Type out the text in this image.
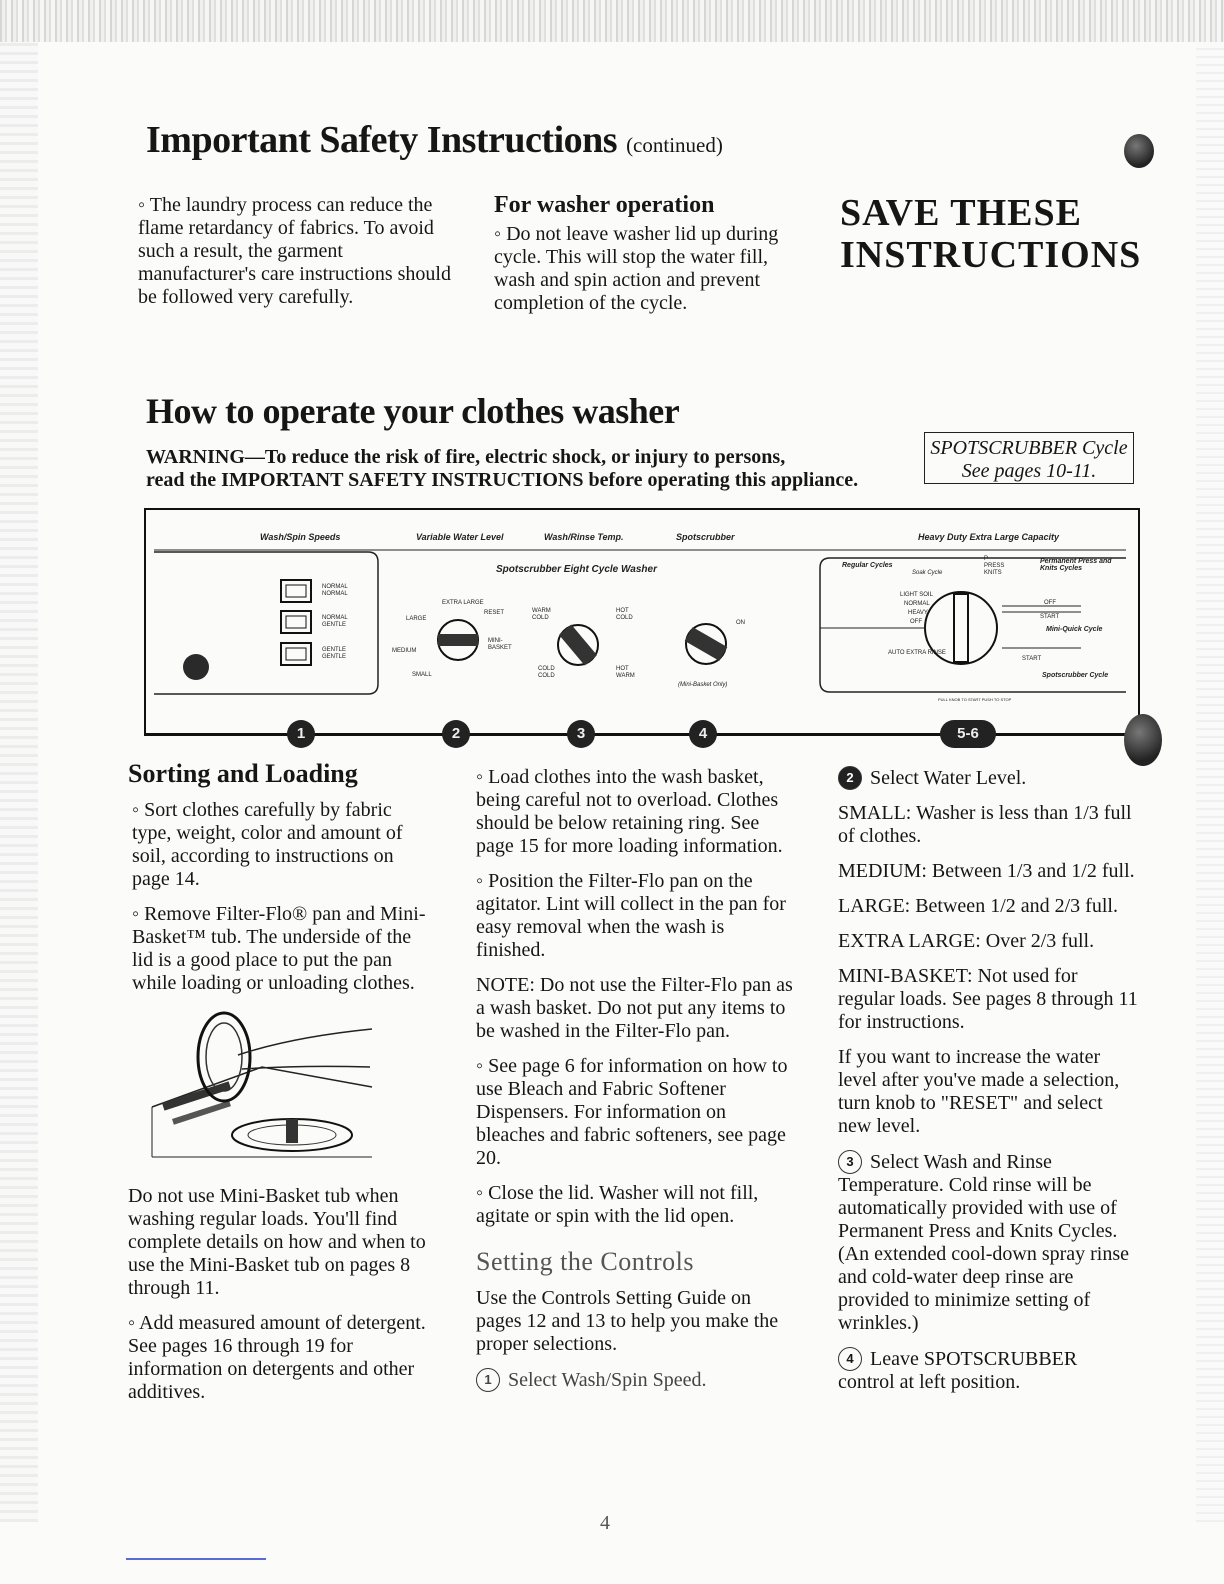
Important Safety Instructions (continued)
◦ The laundry process can reduce the flame retardancy of fabrics. To avoid such a result, the garment manufacturer's care instructions should be followed very carefully.
For washer operation
◦ Do not leave washer lid up during cycle. This will stop the water fill, wash and spin action and prevent completion of the cycle.
SAVE THESE
INSTRUCTIONS
How to operate your clothes washer
WARNING—To reduce the risk of fire, electric shock, or injury to persons,
read the IMPORTANT SAFETY INSTRUCTIONS before operating this appliance.
SPOTSCRUBBER Cycle
See pages 10-11.
Wash/Spin Speeds	Variable Water Level	Wash/Rinse Temp.	Spotscrubber	Heavy Duty Extra Large Capacity
Spotscrubber Eight Cycle Washer
NORMAL
NORMAL
NORMAL
GENTLE
GENTLE
GENTLE
EXTRA LARGE
LARGE
RESET
MEDIUM
MINI-BASKET
SMALL
WARM COLD
HOT COLD
COLD COLD
HOT WARM
ON
(Mini-Basket Only)
Regular Cycles
Soak Cycle
P PRESS KNITS
Permanent Press and Knits Cycles
LIGHT SOIL
NORMAL
HEAVY
OFF
OFF
START
Mini-Quick Cycle
AUTO EXTRA RINSE
START
Spotscrubber Cycle
PULL KNOB TO START PUSH TO STOP
1	2	3	4	5-6
Sorting and Loading

◦ Sort clothes carefully by fabric type, weight, color and amount of soil, according to instructions on page 14.

◦ Remove Filter-Flo® pan and Mini-Basket™ tub. The underside of the lid is a good place to put the pan while loading or unloading clothes.

Do not use Mini-Basket tub when washing regular loads. You'll find complete details on how and when to use the Mini-Basket tub on pages 8 through 11.

◦ Add measured amount of detergent. See pages 16 through 19 for information on detergents and other additives.

◦ Load clothes into the wash basket, being careful not to overload. Clothes should be below retaining ring. See page 15 for more loading information.

◦ Position the Filter-Flo pan on the agitator. Lint will collect in the pan for easy removal when the wash is finished.

NOTE: Do not use the Filter-Flo pan as a wash basket. Do not put any items to be washed in the Filter-Flo pan.

◦ See page 6 for information on how to use Bleach and Fabric Softener Dispensers. For information on bleaches and fabric softeners, see page 20.

◦ Close the lid. Washer will not fill, agitate or spin with the lid open.

Setting the Controls

Use the Controls Setting Guide on pages 12 and 13 to help you make the proper selections.

1 Select Wash/Spin Speed.

2 Select Water Level.

SMALL: Washer is less than 1/3 full of clothes.

MEDIUM: Between 1/3 and 1/2 full.

LARGE: Between 1/2 and 2/3 full.

EXTRA LARGE: Over 2/3 full.

MINI-BASKET: Not used for regular loads. See pages 8 through 11 for instructions.

If you want to increase the water level after you've made a selection, turn knob to "RESET" and select new level.

3 Select Wash and Rinse Temperature. Cold rinse will be automatically provided with use of Permanent Press and Knits Cycles. (An extended cool-down spray rinse and cold-water deep rinse are provided to minimize setting of wrinkles.)

4 Leave SPOTSCRUBBER control at left position.

4
